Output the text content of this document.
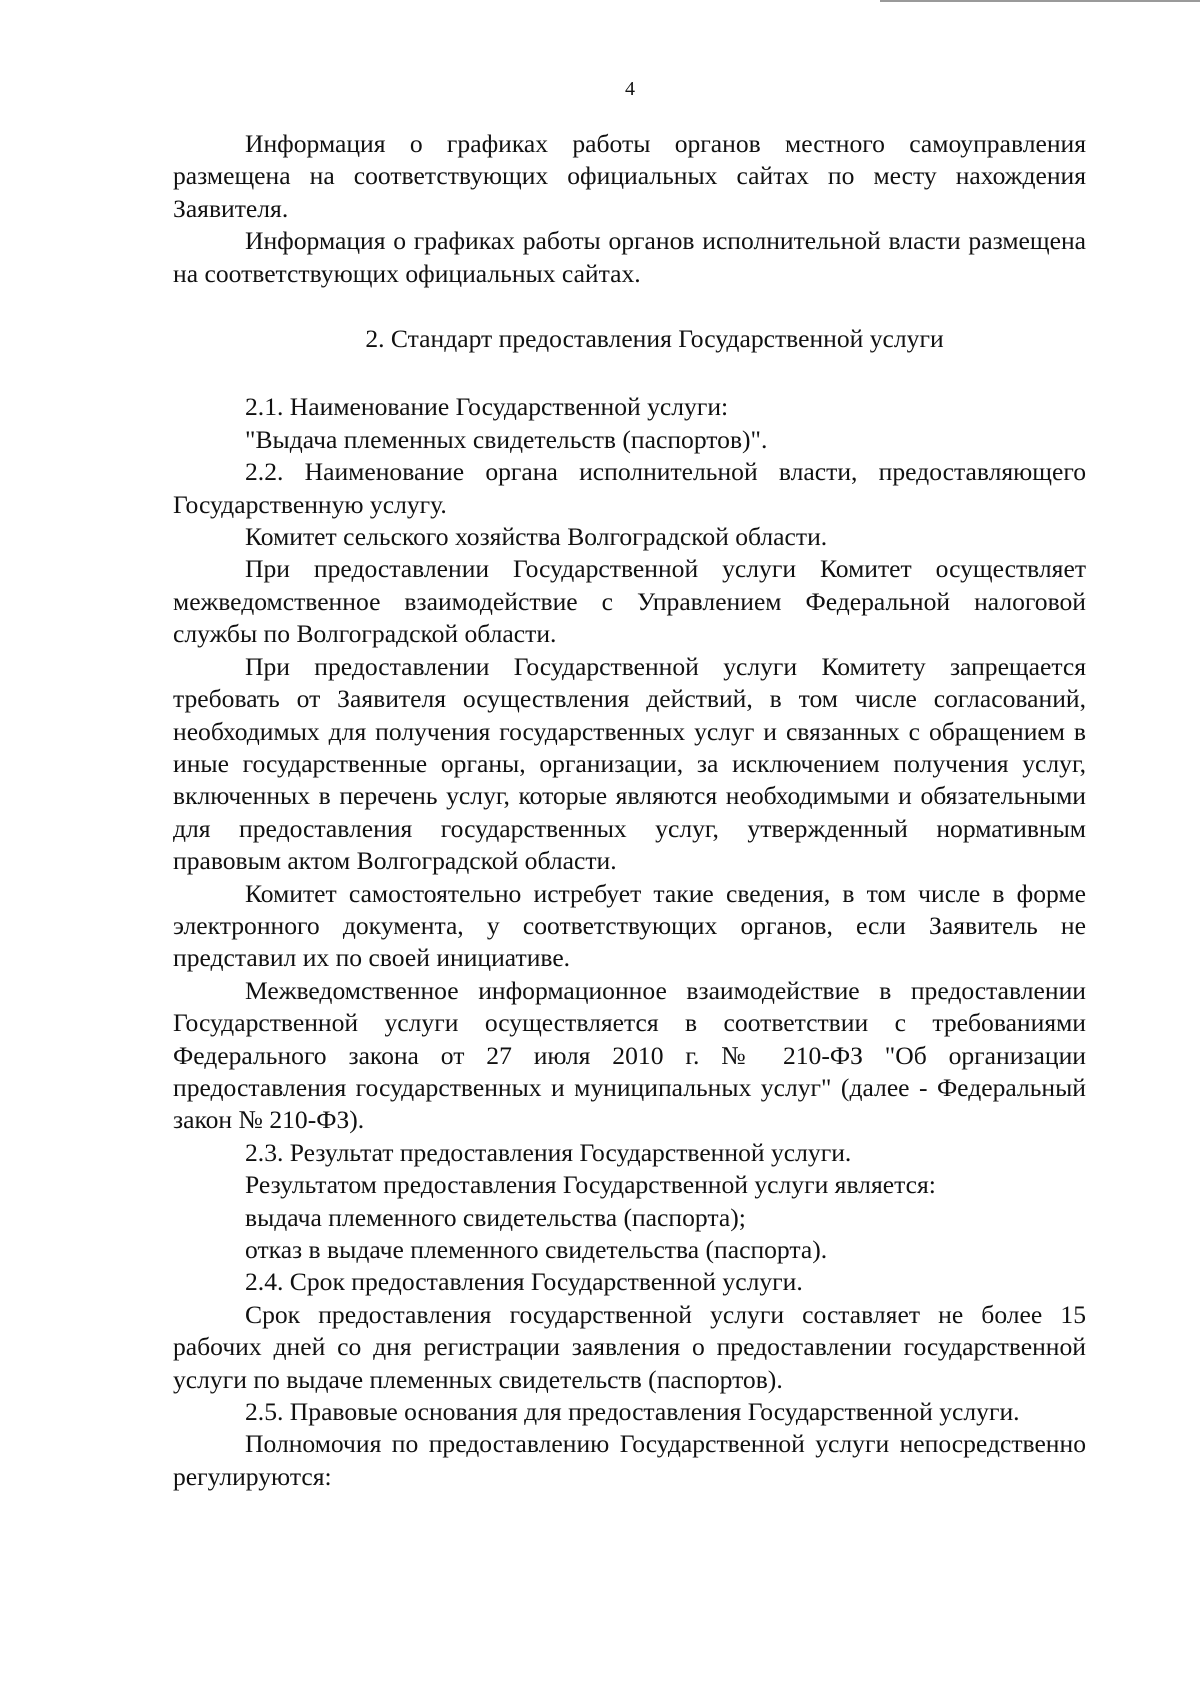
4

Информация о графиках работы органов местного самоуправления размещена на соответствующих официальных сайтах по месту нахождения Заявителя.

Информация о графиках работы органов исполнительной власти размещена на соответствующих официальных сайтах.

2. Стандарт предоставления Государственной услуги

2.1. Наименование Государственной услуги:

"Выдача племенных свидетельств (паспортов)".

2.2. Наименование органа исполнительной власти, предоставляющего Государственную услугу.

Комитет сельского хозяйства Волгоградской области.

При предоставлении Государственной услуги Комитет осуществляет межведомственное взаимодействие с Управлением Федеральной налоговой службы по Волгоградской области.

При предоставлении Государственной услуги Комитету запрещается требовать от Заявителя осуществления действий, в том числе согласований, необходимых для получения государственных услуг и связанных с обращением в иные государственные органы, организации, за исключением получения услуг, включенных в перечень услуг, которые являются необходимыми и обязательными для предоставления государственных услуг, утвержденный нормативным правовым актом Волгоградской области.

Комитет самостоятельно истребует такие сведения, в том числе в форме электронного документа, у соответствующих органов, если Заявитель не представил их по своей инициативе.

Межведомственное информационное взаимодействие в предоставлении Государственной услуги осуществляется в соответствии с требованиями Федерального закона от 27 июля 2010 г. № 210-ФЗ "Об организации предоставления государственных и муниципальных услуг" (далее - Федеральный закон № 210-ФЗ).

2.3. Результат предоставления Государственной услуги.

Результатом предоставления Государственной услуги является:

выдача племенного свидетельства (паспорта);

отказ в выдаче племенного свидетельства (паспорта).

2.4. Срок предоставления Государственной услуги.

Срок предоставления государственной услуги составляет не более 15 рабочих дней со дня регистрации заявления о предоставлении государственной услуги по выдаче племенных свидетельств (паспортов).

2.5. Правовые основания для предоставления Государственной услуги.

Полномочия по предоставлению Государственной услуги непосредственно регулируются:
